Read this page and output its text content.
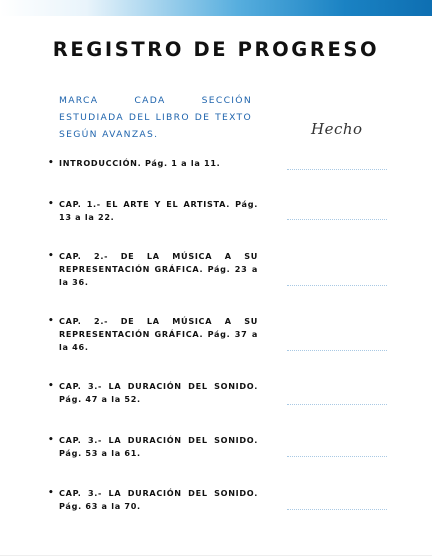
REGISTRO DE PROGRESO
MARCA CADA SECCIÓN ESTUDIADA DEL LIBRO DE TEXTO SEGÚN AVANZAS.	Hecho
• INTRODUCCIÓN. Pág. 1 a la 11.
• CAP. 1.- EL ARTE Y EL ARTISTA. Pág. 13 a la 22.
• CAP. 2.- DE LA MÚSICA A SU REPRESENTACIÓN GRÁFICA. Pág. 23 a la 36.
• CAP. 2.- DE LA MÚSICA A SU REPRESENTACIÓN GRÁFICA. Pág. 37 a la 46.
• CAP. 3.- LA DURACIÓN DEL SONIDO. Pág. 47 a la 52.
• CAP. 3.- LA DURACIÓN DEL SONIDO. Pág. 53 a la 61.
• CAP. 3.- LA DURACIÓN DEL SONIDO. Pág. 63 a la 70.
